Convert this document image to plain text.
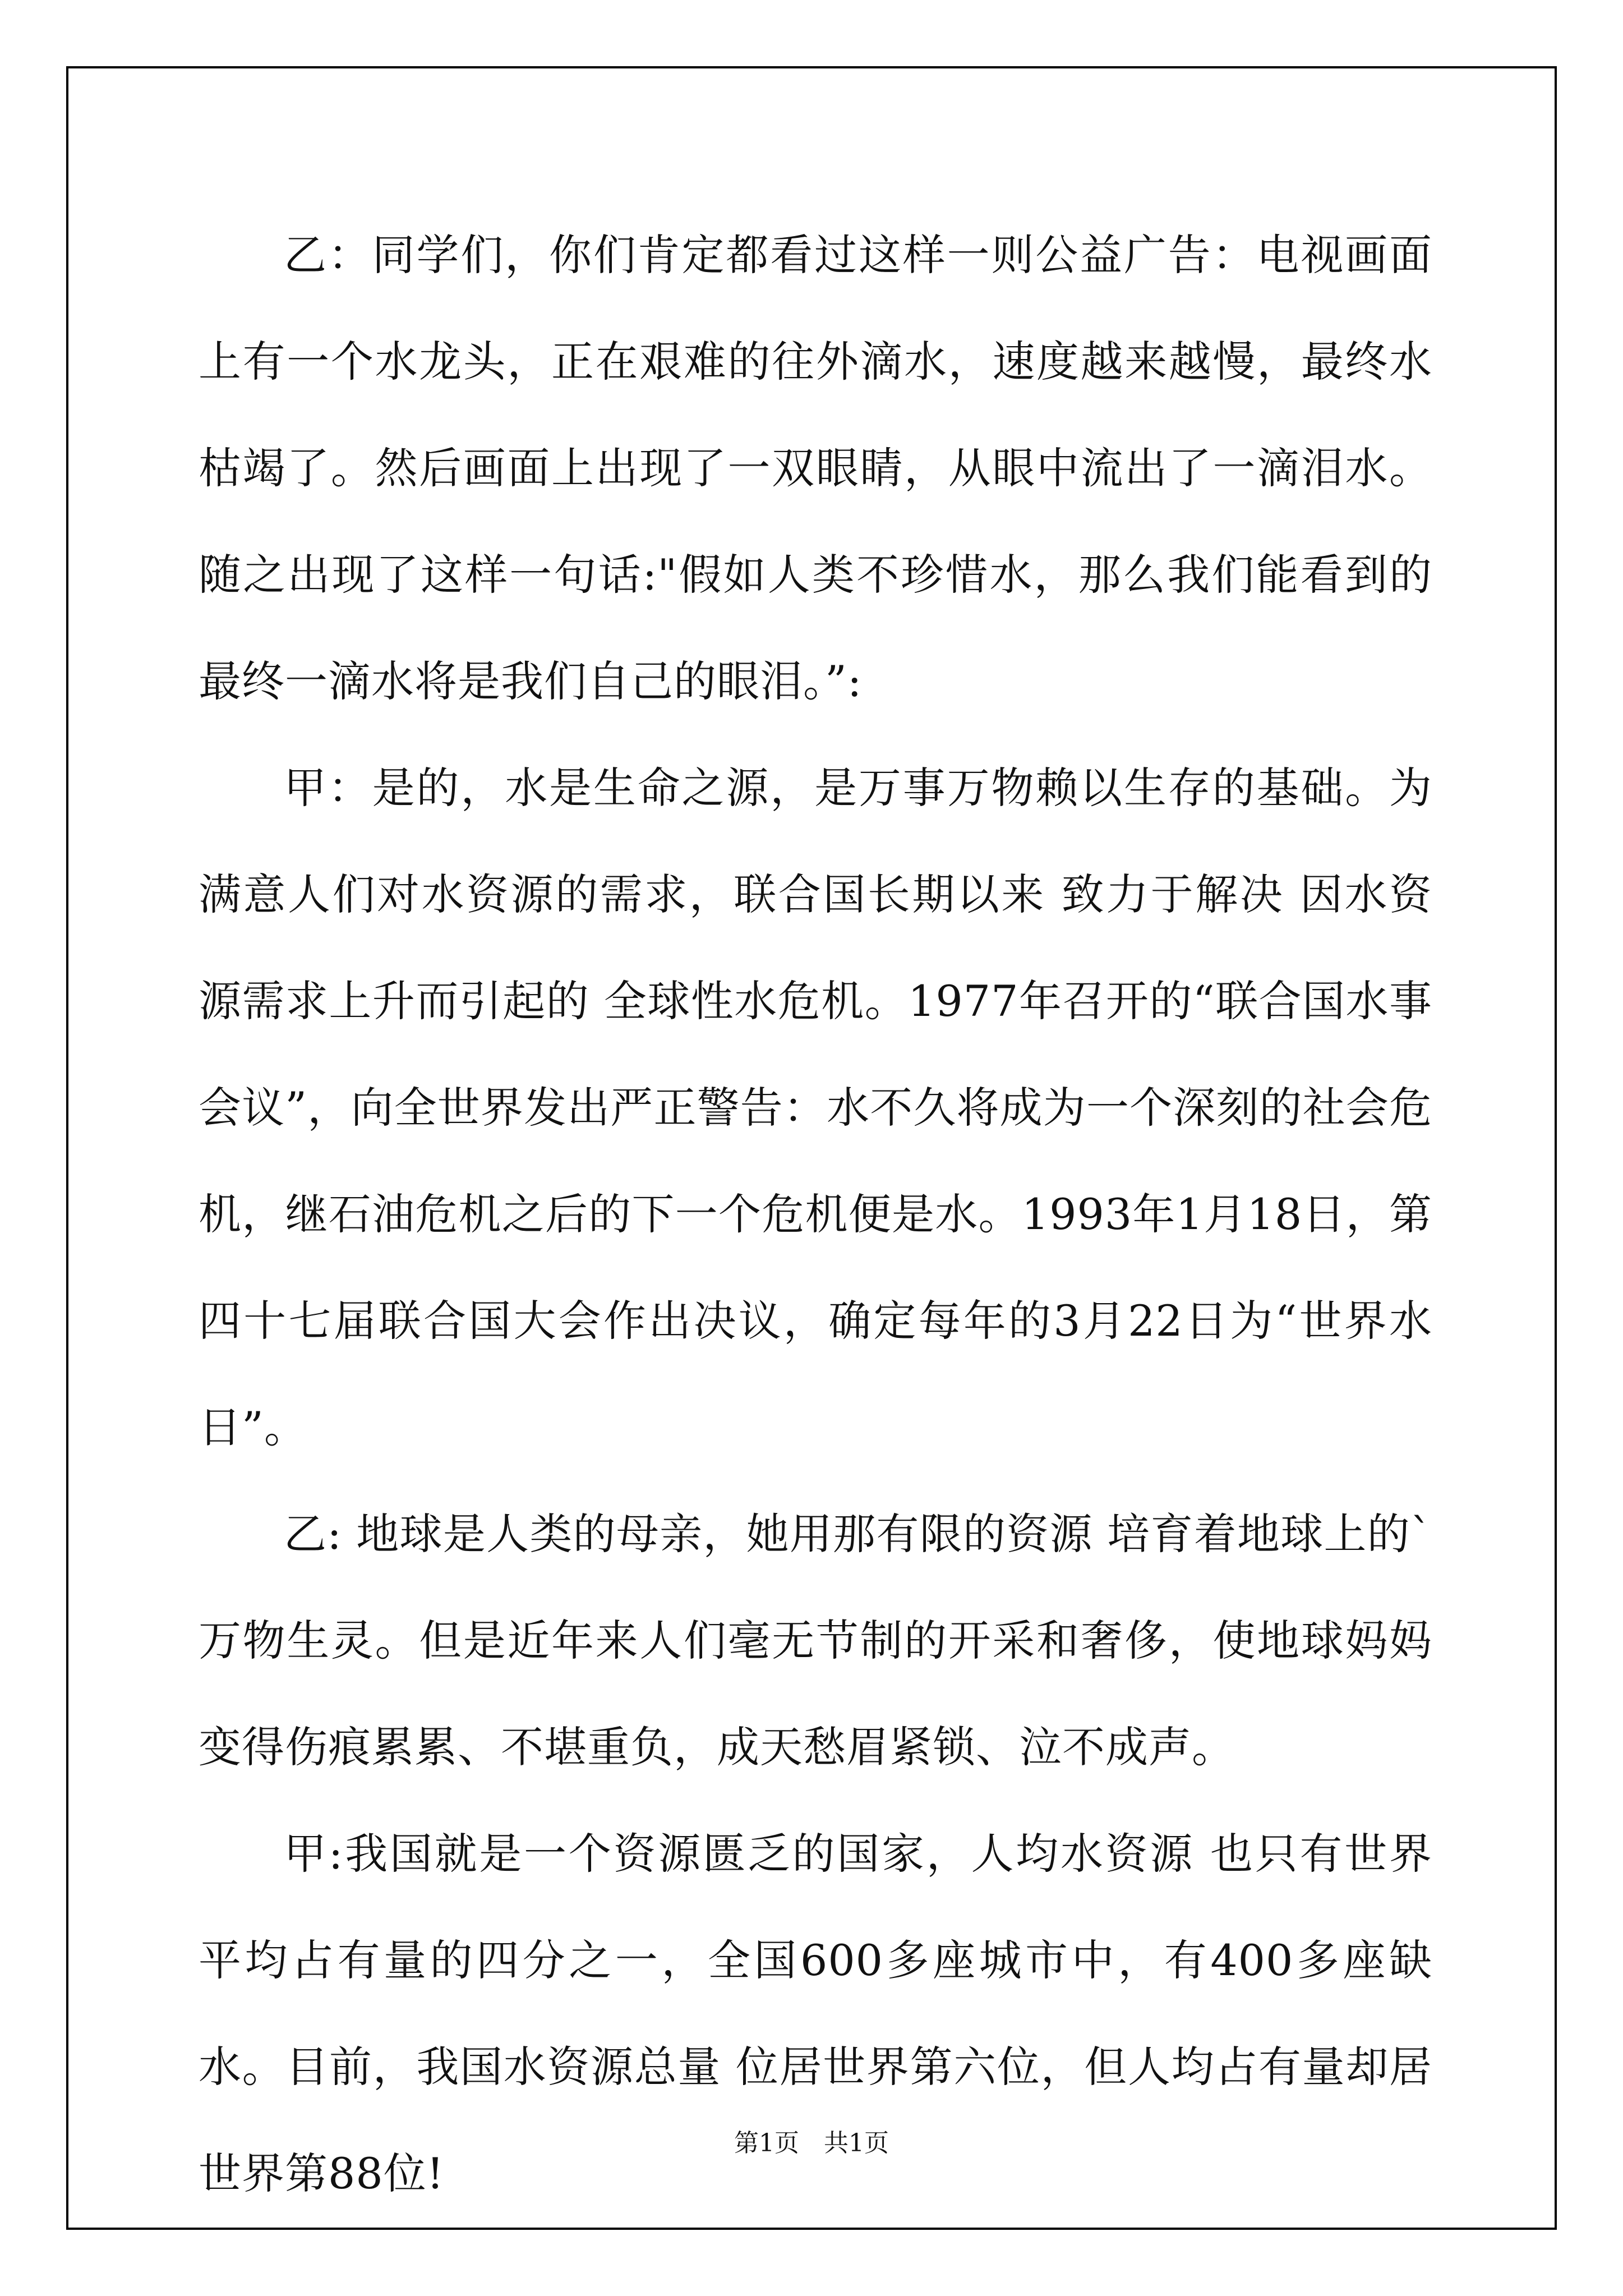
乙：同学们，你们肯定都看过这样一则公益广告：电视画面上有一个水龙头，正在艰难的往外滴水，速度越来越慢，最终水枯竭了。然后画面上出现了一双眼睛，从眼中流出了一滴泪水。随之出现了这样一句话:"假如人类不珍惜水，那么我们能看到的最终一滴水将是我们自己的眼泪。”:

甲：是的，水是生命之源，是万事万物赖以生存的基础。为满意人们对水资源的需求，联合国长期以来 致力于解决 因水资源需求上升而引起的 全球性水危机。1977年召开的“联合国水事会议”，向全世界发出严正警告：水不久将成为一个深刻的社会危机，继石油危机之后的下一个危机便是水。1993年1月18日，第四十七届联合国大会作出决议，确定每年的3月22日为“世界水日”。

乙: 地球是人类的母亲，她用那有限的资源 培育着地球上的`万物生灵。但是近年来人们毫无节制的开采和奢侈，使地球妈妈变得伤痕累累、不堪重负，成天愁眉紧锁、泣不成声。

甲:我国就是一个资源匮乏的国家，人均水资源 也只有世界平均占有量的四分之一，全国600多座城市中，有400多座缺水。目前，我国水资源总量 位居世界第六位，但人均占有量却居世界第88位!

第1页　共1页
